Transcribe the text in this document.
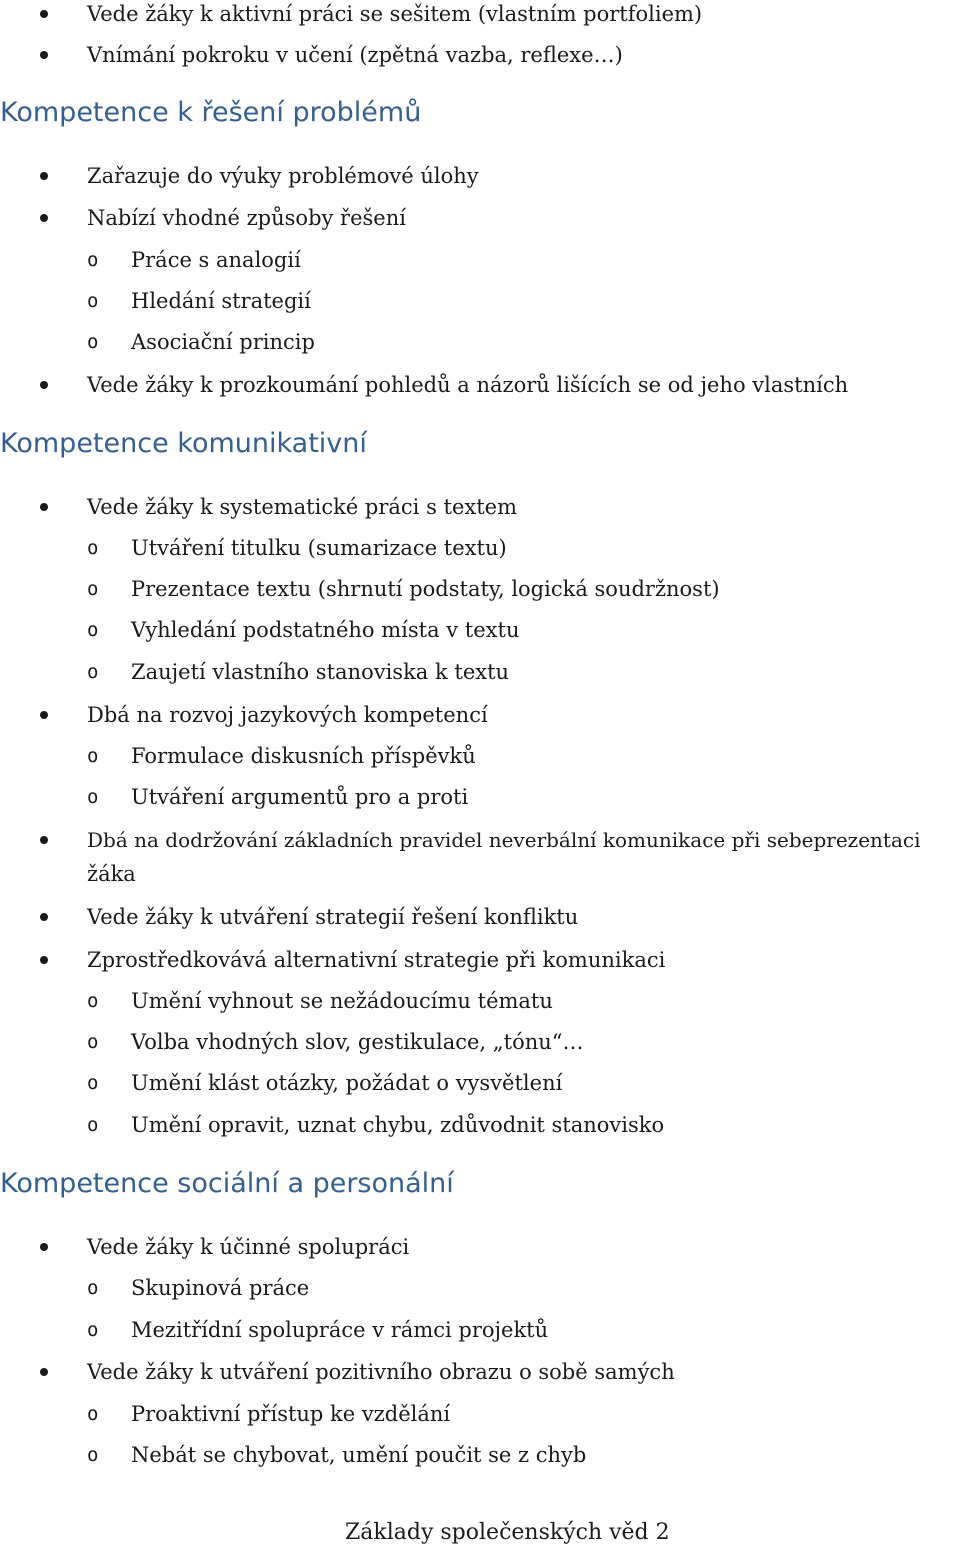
Vede žáky k aktivní práci se sešitem (vlastním portfoliem)
Vnímání pokroku v učení (zpětná vazba, reflexe…)
Kompetence k řešení problémů
Zařazuje do výuky problémové úlohy
Nabízí vhodné způsoby řešení
o Práce s analogií
o Hledání strategií
o Asociační princip
Vede žáky k prozkoumání pohledů a názorů lišících se od jeho vlastních
Kompetence komunikativní
Vede žáky k systematické práci s textem
o Utváření titulku (sumarizace textu)
o Prezentace textu (shrnutí podstaty, logická soudržnost)
o Vyhledání podstatného místa v textu
o Zaujetí vlastního stanoviska k textu
Dbá na rozvoj jazykových kompetencí
o Formulace diskusních příspěvků
o Utváření argumentů pro a proti
Dbá na dodržování základních pravidel neverbální komunikace při sebeprezentaci
žáka
Vede žáky k utváření strategií řešení konfliktu
Zprostředkovává alternativní strategie při komunikaci
o Umění vyhnout se nežádoucímu tématu
o Volba vhodných slov, gestikulace, „tónu“…
o Umění klást otázky, požádat o vysvětlení
o Umění opravit, uznat chybu, zdůvodnit stanovisko
Kompetence sociální a personální
Vede žáky k účinné spolupráci
o Skupinová práce
o Mezitřídní spolupráce v rámci projektů
Vede žáky k utváření pozitivního obrazu o sobě samých
o Proaktivní přístup ke vzdělání
o Nebát se chybovat, umění poučit se z chyb
Základy společenských věd 2
